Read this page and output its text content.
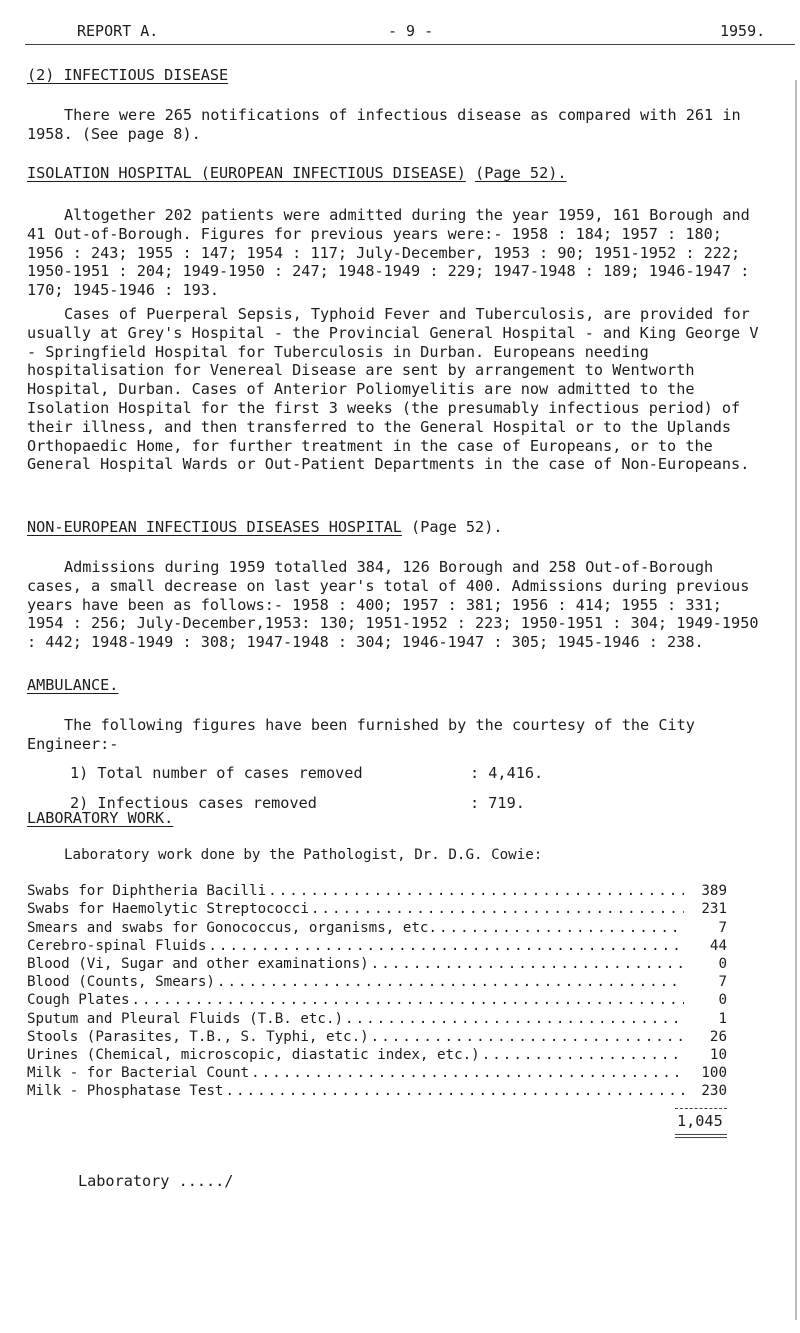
REPORT A.	- 9 -	1959.
(2) INFECTIOUS DISEASE

There were 265 notifications of infectious disease as compared with 261 in 1958. (See page 8).

ISOLATION HOSPITAL (EUROPEAN INFECTIOUS DISEASE) (Page 52).

Altogether 202 patients were admitted during the year 1959, 161 Borough and 41 Out-of-Borough. Figures for previous years were:- 1958 : 184; 1957 : 180; 1956 : 243; 1955 : 147; 1954 : 117; July-December, 1953 : 90; 1951-1952 : 222; 1950-1951 : 204; 1949-1950 : 247; 1948-1949 : 229; 1947-1948 : 189; 1946-1947 : 170; 1945-1946 : 193.

Cases of Puerperal Sepsis, Typhoid Fever and Tuberculosis, are provided for usually at Grey's Hospital - the Provincial General Hospital - and King George V - Springfield Hospital for Tuberculosis in Durban. Europeans needing hospitalisation for Venereal Disease are sent by arrangement to Wentworth Hospital, Durban. Cases of Anterior Poliomyelitis are now admitted to the Isolation Hospital for the first 3 weeks (the presumably infectious period) of their illness, and then transferred to the General Hospital or to the Uplands Orthopaedic Home, for further treatment in the case of Europeans, or to the General Hospital Wards or Out-Patient Departments in the case of Non-Europeans.

NON-EUROPEAN INFECTIOUS DISEASES HOSPITAL (Page 52).

Admissions during 1959 totalled 384, 126 Borough and 258 Out-of-Borough cases, a small decrease on last year's total of 400. Admissions during previous years have been as follows:- 1958 : 400; 1957 : 381; 1956 : 414; 1955 : 331; 1954 : 256; July-December,1953: 130; 1951-1952 : 223; 1950-1951 : 304; 1949-1950 : 442; 1948-1949 : 308; 1947-1948 : 304; 1946-1947 : 305; 1945-1946 : 238.

AMBULANCE.

The following figures have been furnished by the courtesy of the City Engineer:-

1) Total number of cases removed	: 4,416.
2) Infectious cases removed	: 719.
LABORATORY WORK.
Laboratory work done by the Pathologist, Dr. D.G. Cowie:
Swabs for Diphtheria Bacilli .....	389
Swabs for Haemolytic Streptococci .....	231
Smears and swabs for Gonococcus, organisms, etc. .....	7
Cerebro-spinal Fluids .....	44
Blood (Vi, Sugar and other examinations) .....	0
Blood (Counts, Smears) .....	7
Cough Plates .....	0
Sputum and Pleural Fluids (T.B. etc.) .....	1
Stools (Parasites, T.B., S. Typhi, etc.) .....	26
Urines (Chemical, microscopic, diastatic index, etc.) .....	10
Milk - for Bacterial Count .....	100
Milk - Phosphatase Test .....	230
1,045
Laboratory ...../
